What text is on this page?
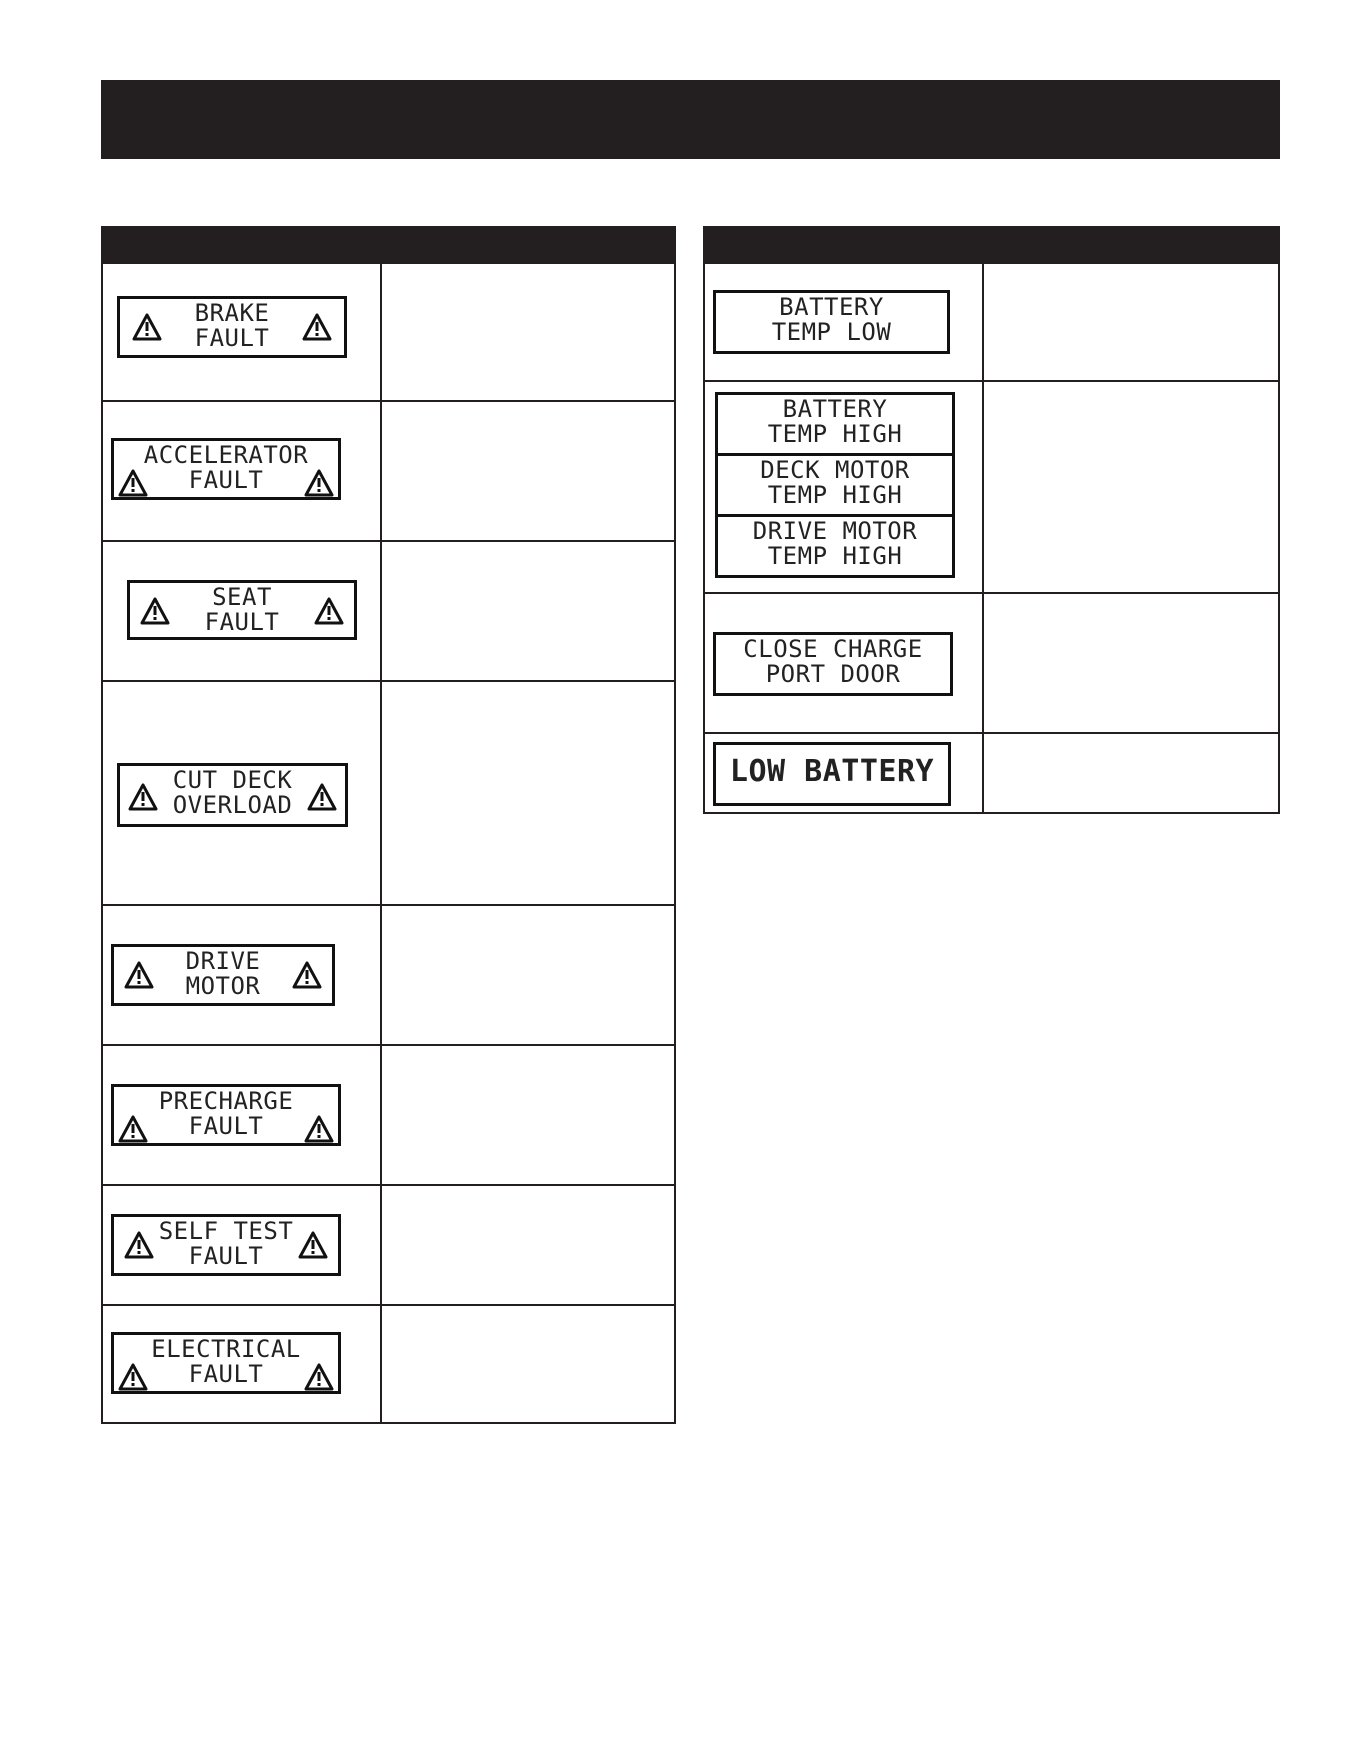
BRAKE
FAULT
ACCELERATOR
FAULT
SEAT
FAULT
CUT DECK
OVERLOAD
DRIVE
MOTOR
PRECHARGE
FAULT
SELF TEST
FAULT
ELECTRICAL
FAULT
BATTERY
TEMP LOW
BATTERY
TEMP HIGH
DECK MOTOR
TEMP HIGH
DRIVE MOTOR
TEMP HIGH
CLOSE CHARGE
PORT DOOR
LOW BATTERY
